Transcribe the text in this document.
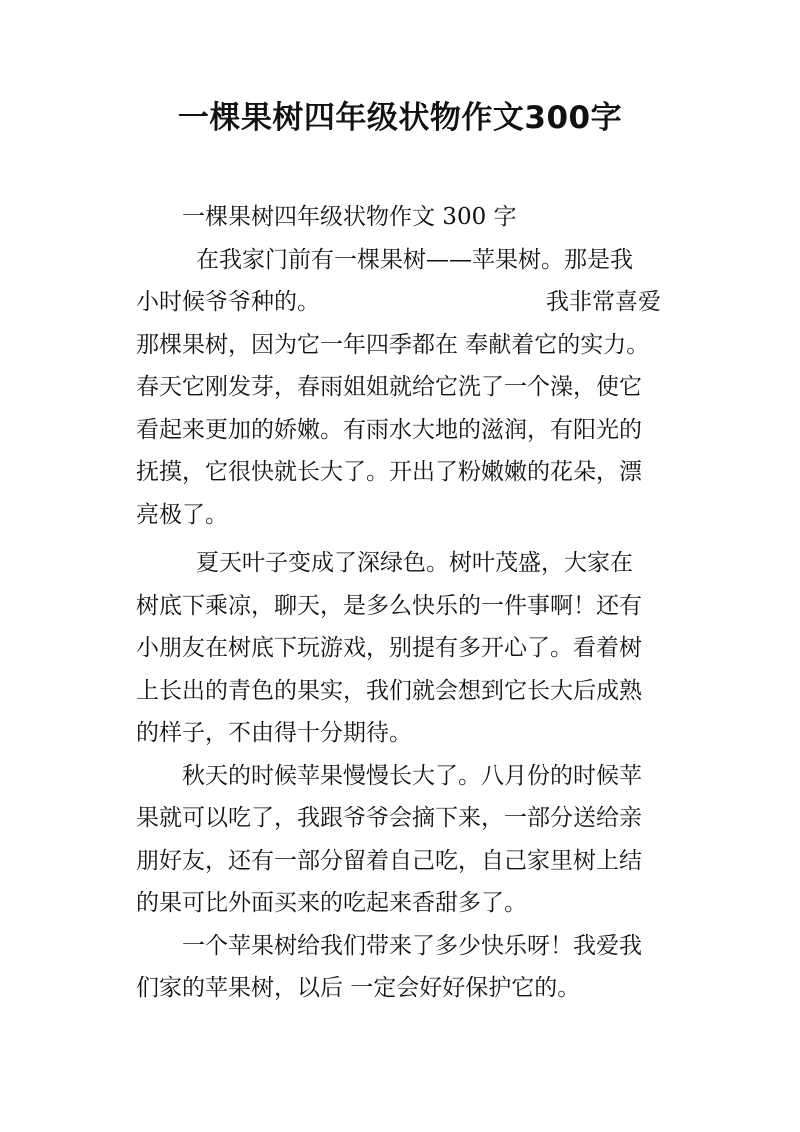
一棵果树四年级状物作文300字
一棵果树四年级状物作文 300 字
在我家门前有一棵果树——苹果树。那是我
小时候爷爷种的。	我非常喜爱
那棵果树，因为它一年四季都在 奉献着它的实力。
春天它刚发芽，春雨姐姐就给它洗了一个澡，使它
看起来更加的娇嫩。有雨水大地的滋润，有阳光的
抚摸，它很快就长大了。开出了粉嫩嫩的花朵，漂
亮极了。
夏天叶子变成了深绿色。树叶茂盛，大家在
树底下乘凉，聊天，是多么快乐的一件事啊！还有
小朋友在树底下玩游戏，别提有多开心了。看着树
上长出的青色的果实，我们就会想到它长大后成熟
的样子，不由得十分期待。
秋天的时候苹果慢慢长大了。八月份的时候苹
果就可以吃了，我跟爷爷会摘下来，一部分送给亲
朋好友，还有一部分留着自己吃，自己家里树上结
的果可比外面买来的吃起来香甜多了。
一个苹果树给我们带来了多少快乐呀！我爱我
们家的苹果树，以后 一定会好好保护它的。
